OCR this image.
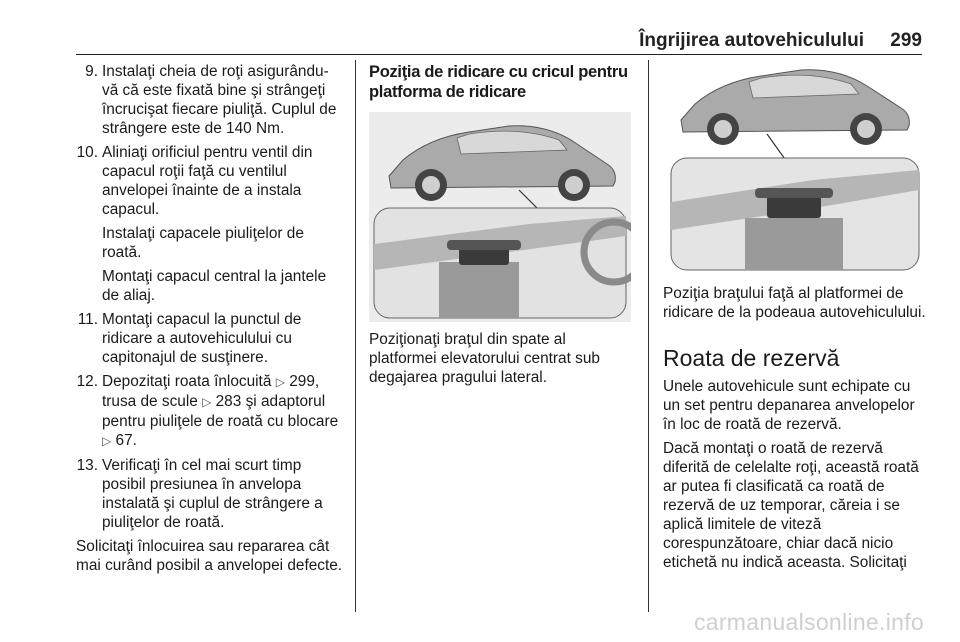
Îngrijirea autovehiculului 299
9. Instalaţi cheia de roţi asigurându-vă că este fixată bine şi strângeţi încrucişat fiecare piuliţă. Cuplul de strângere este de 140 Nm.
10. Aliniaţi orificiul pentru ventil din capacul roţii faţă cu ventilul anvelopei înainte de a instala capacul.
Instalaţi capacele piuliţelor de roată.
Montaţi capacul central la jantele de aliaj.
11. Montaţi capacul la punctul de ridicare a autovehiculului cu capitonajul de susţinere.
12. Depozitaţi roata înlocuită ▷ 299, trusa de scule ▷ 283 şi adaptorul pentru piuliţele de roată cu blocare ▷ 67.
13. Verificaţi în cel mai scurt timp posibil presiunea în anvelopa instalată şi cuplul de strângere a piuliţelor de roată.
Solicitaţi înlocuirea sau repararea cât mai curând posibil a anvelopei defecte.
Poziţia de ridicare cu cricul pentru platforma de ridicare

Poziţionaţi braţul din spate al platformei elevatorului centrat sub degajarea pragului lateral.

Poziţia braţului faţă al platformei de ridicare de la podeaua autovehiculului.

Roata de rezervă
Unele autovehicule sunt echipate cu un set pentru depanarea anvelopelor în loc de roată de rezervă.
Dacă montaţi o roată de rezervă diferită de celelalte roţi, această roată ar putea fi clasificată ca roată de rezervă de uz temporar, căreia i se aplică limitele de viteză corespunzătoare, chiar dacă nicio etichetă nu indică aceasta. Solicitaţi
carmanualsonline.info
